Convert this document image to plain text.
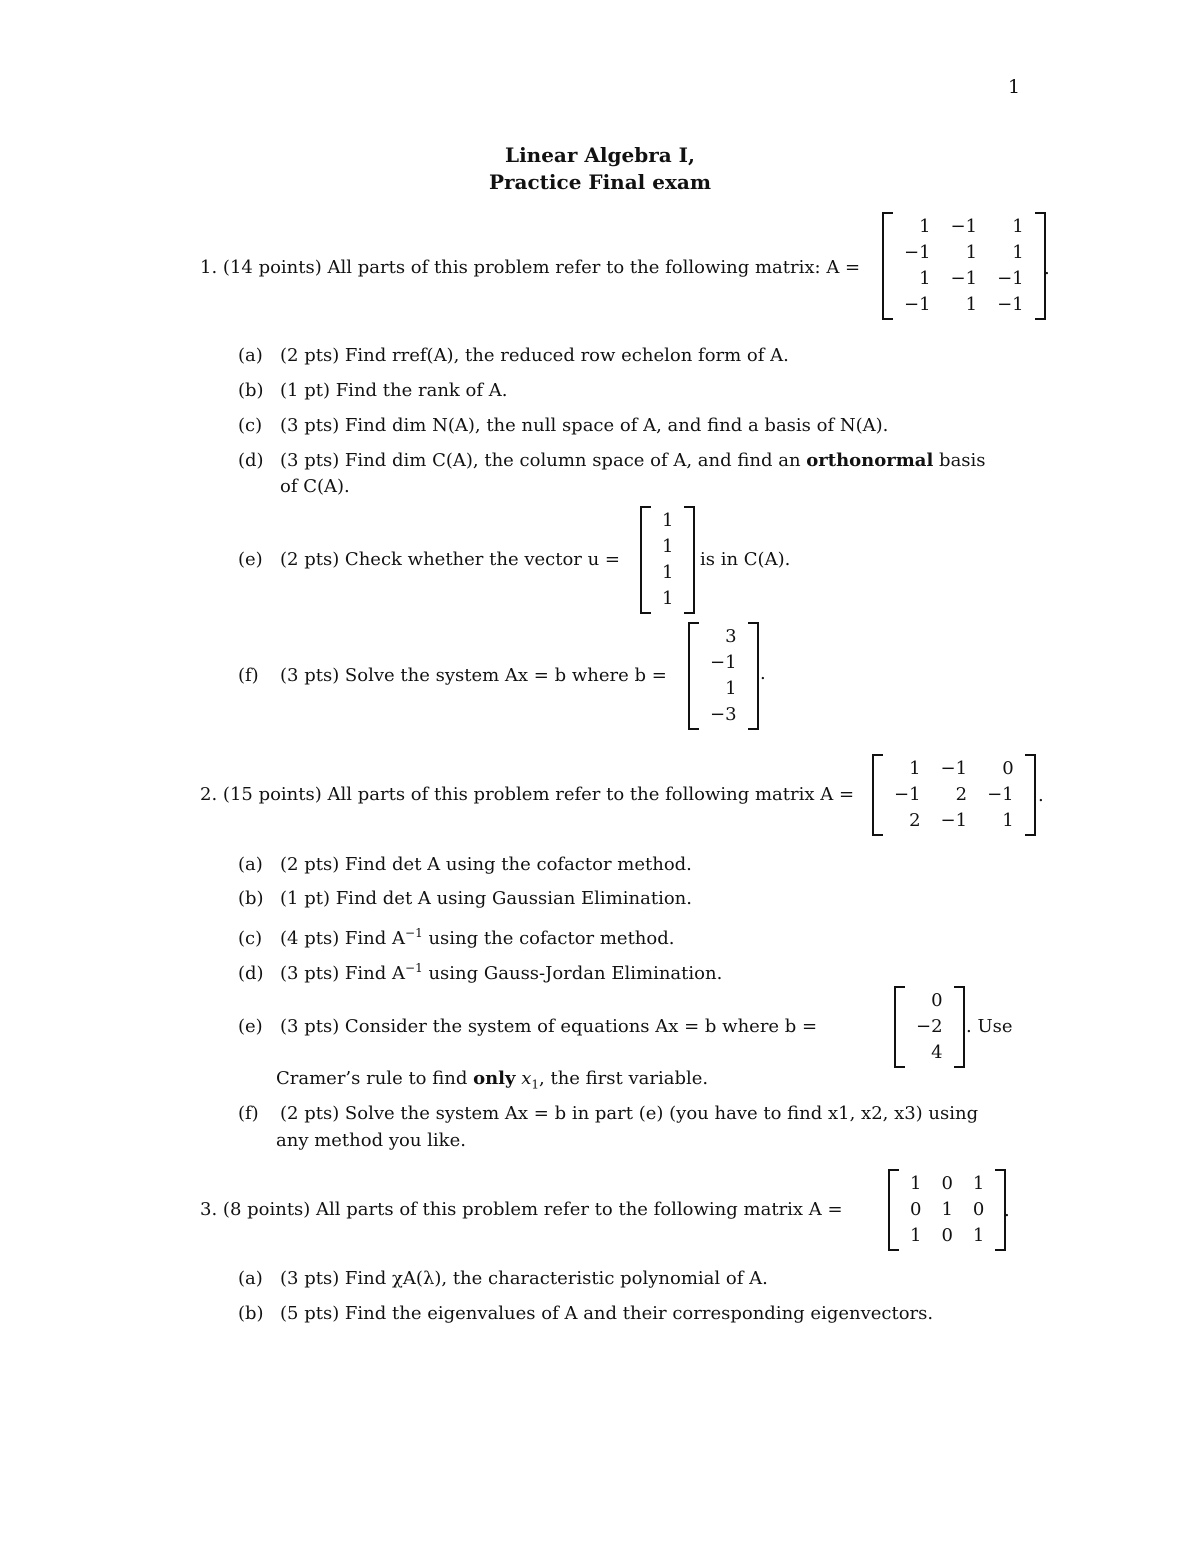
1
Linear Algebra I,
Practice Final exam
1. (14 points) All parts of this problem refer to the following matrix: A =
1	−1	1
−1	1	1
1	−1	−1
−1	1	−1
.
(a) (2 pts) Find rref(A), the reduced row echelon form of A.
(b) (1 pt) Find the rank of A.
(c) (3 pts) Find dim N(A), the null space of A, and find a basis of N(A).
(d) (3 pts) Find dim C(A), the column space of A, and find an orthonormal basis
of C(A).
(e) (2 pts) Check whether the vector u =
1
1
1
1
is in C(A).
(f) (3 pts) Solve the system Ax = b where b =
3
−1
1
−3
.
2. (15 points) All parts of this problem refer to the following matrix A =
1	−1	0
−1	2	−1
2	−1	1
.
(a) (2 pts) Find det A using the cofactor method.
(b) (1 pt) Find det A using Gaussian Elimination.
(c) (4 pts) Find $A^{-1}$ using the cofactor method.
(d) (3 pts) Find $A^{-1}$ using Gauss-Jordan Elimination.
(e) (3 pts) Consider the system of equations Ax = b where b =
0
−2
4
. Use
Cramer’s rule to find only $x_1$, the first variable.
(f) (2 pts) Solve the system Ax = b in part (e) (you have to find x1, x2, x3) using
any method you like.
3. (8 points) All parts of this problem refer to the following matrix A =
1	0	1
0	1	0
1	0	1
.
(a) (3 pts) Find χA(λ), the characteristic polynomial of A.
(b) (5 pts) Find the eigenvalues of A and their corresponding eigenvectors.
